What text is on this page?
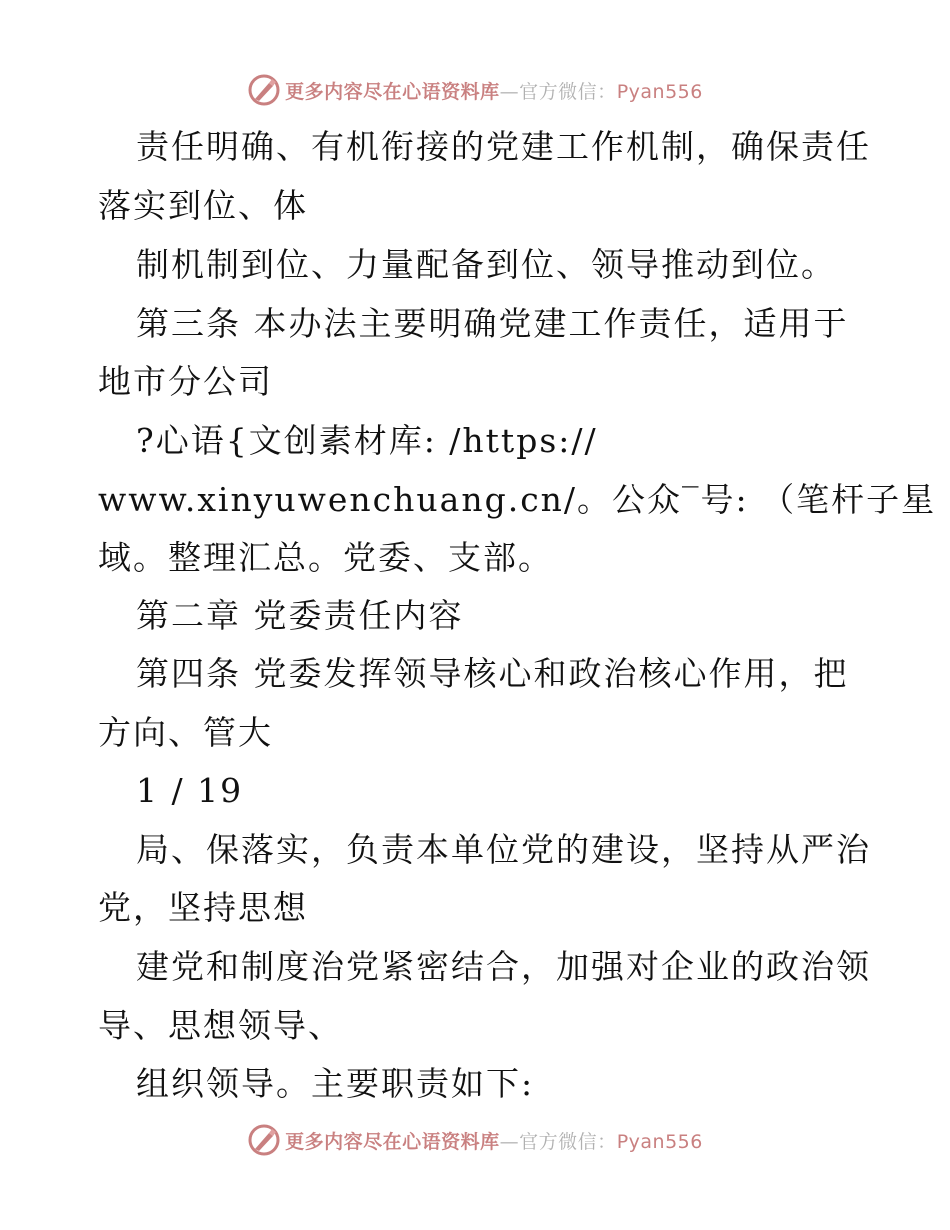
更多内容尽在心语资料库—官方微信：Pyan556
责任明确、有机衔接的党建工作机制，确保责任
落实到位、体
制机制到位、力量配备到位、领导推动到位。
第三条 本办法主要明确党建工作责任，适用于
地市分公司
?心语{文创素材库: /https://
www.xinyuwenchuang.cn/。公众‾号: （笔杆子星
域。整理汇总。党委、支部。
第二章 党委责任内容
第四条 党委发挥领导核心和政治核心作用，把
方向、管大
1 / 19
局、保落实，负责本单位党的建设，坚持从严治
党，坚持思想
建党和制度治党紧密结合，加强对企业的政治领
导、思想领导、
组织领导。主要职责如下:
更多内容尽在心语资料库—官方微信：Pyan556
